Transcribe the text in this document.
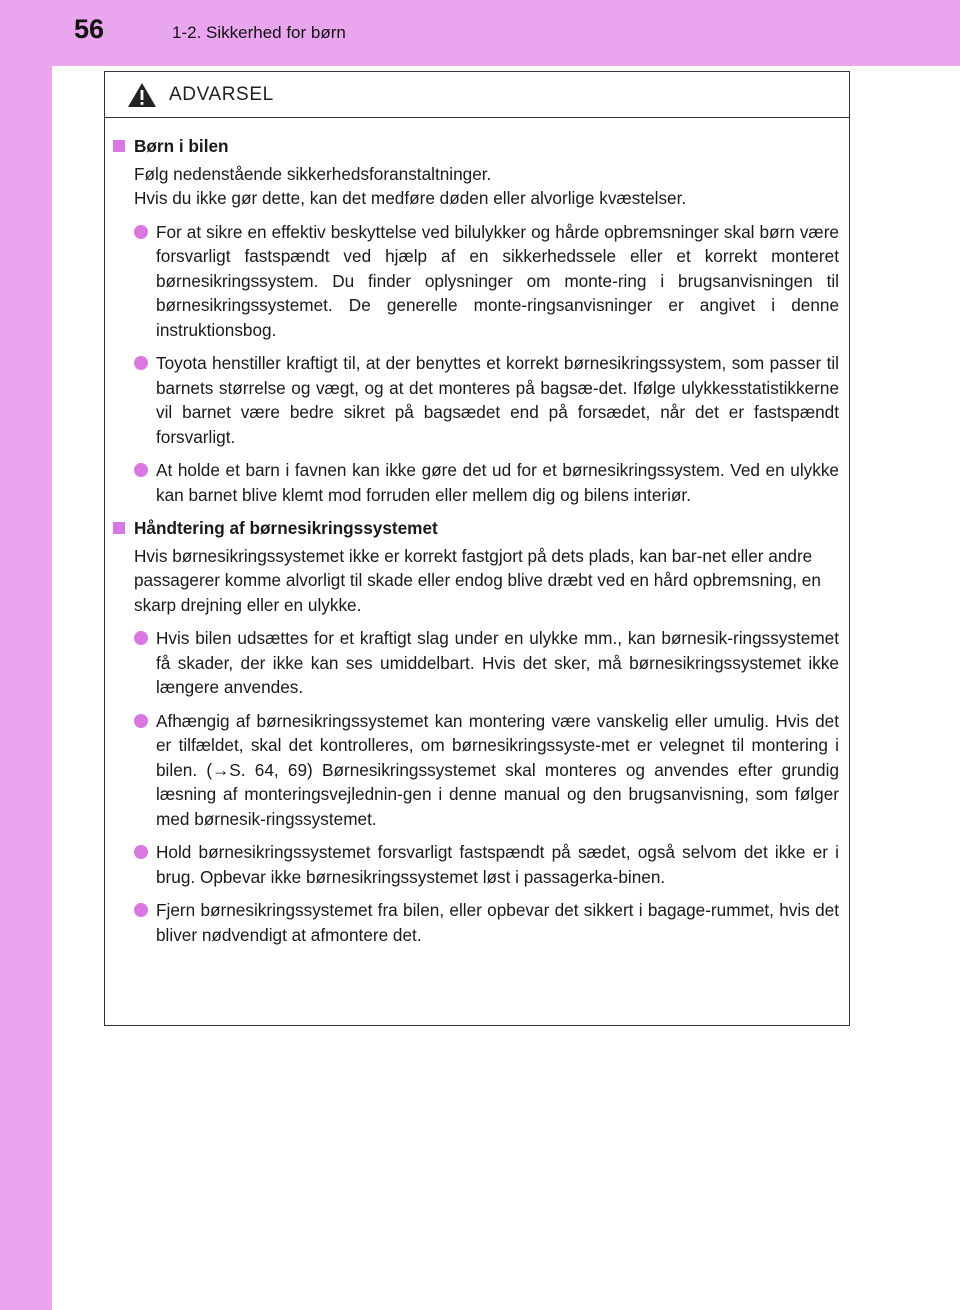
56	1-2. Sikkerhed for børn
ADVARSEL
Børn i bilen

Følg nedenstående sikkerhedsforanstaltninger.

Hvis du ikke gør dette, kan det medføre døden eller alvorlige kvæstelser.

For at sikre en effektiv beskyttelse ved bilulykker og hårde opbremsninger skal børn være forsvarligt fastspændt ved hjælp af en sikkerhedssele eller et korrekt monteret børnesikringssystem. Du finder oplysninger om monte-ring i brugsanvisningen til børnesikringssystemet. De generelle monte-ringsanvisninger er angivet i denne instruktionsbog.
Toyota henstiller kraftigt til, at der benyttes et korrekt børnesikringssystem, som passer til barnets størrelse og vægt, og at det monteres på bagsæ-det. Ifølge ulykkesstatistikkerne vil barnet være bedre sikret på bagsædet end på forsædet, når det er fastspændt forsvarligt.
At holde et barn i favnen kan ikke gøre det ud for et børnesikringssystem. Ved en ulykke kan barnet blive klemt mod forruden eller mellem dig og bilens interiør.
Håndtering af børnesikringssystemet

Hvis børnesikringssystemet ikke er korrekt fastgjort på dets plads, kan bar-net eller andre passagerer komme alvorligt til skade eller endog blive dræbt ved en hård opbremsning, en skarp drejning eller en ulykke.

Hvis bilen udsættes for et kraftigt slag under en ulykke mm., kan børnesik-ringssystemet få skader, der ikke kan ses umiddelbart. Hvis det sker, må børnesikringssystemet ikke længere anvendes.
Afhængig af børnesikringssystemet kan montering være vanskelig eller umulig. Hvis det er tilfældet, skal det kontrolleres, om børnesikringssyste-met er velegnet til montering i bilen. (→S. 64, 69) Børnesikringssystemet skal monteres og anvendes efter grundig læsning af monteringsvejlednin-gen i denne manual og den brugsanvisning, som følger med børnesik-ringssystemet.
Hold børnesikringssystemet forsvarligt fastspændt på sædet, også selvom det ikke er i brug. Opbevar ikke børnesikringssystemet løst i passagerka-binen.
Fjern børnesikringssystemet fra bilen, eller opbevar det sikkert i bagage-rummet, hvis det bliver nødvendigt at afmontere det.
